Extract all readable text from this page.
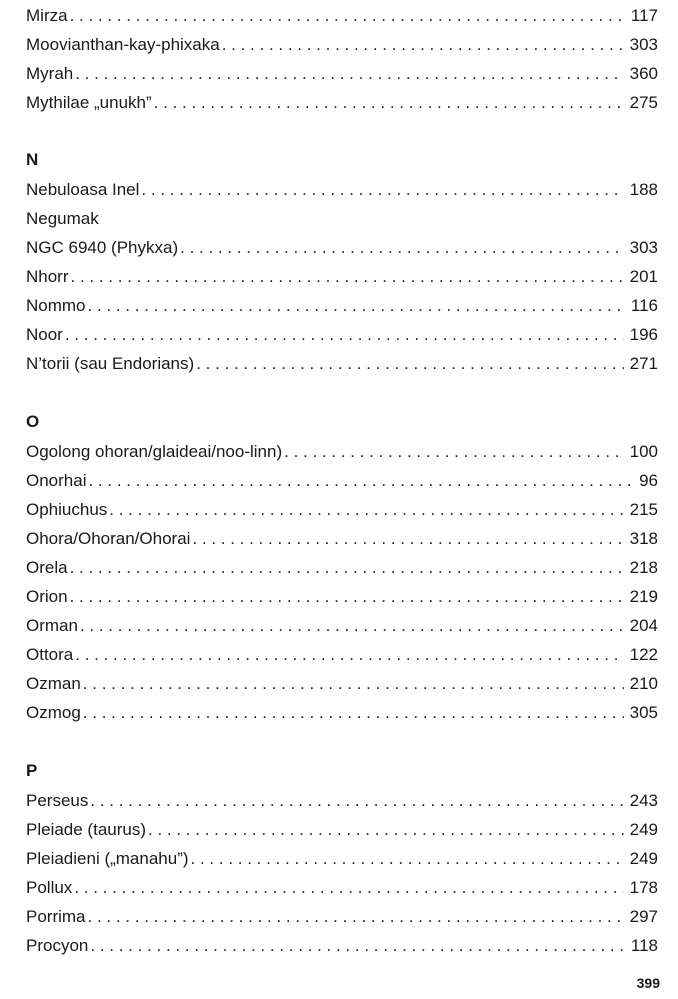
Mirza . . .	117
Moovianthan-kay-phixaka . . .	303
Myrah . . .	360
Mythilae „unukh” . . .	275
N
Nebuloasa Inel . . .	188
Negumak
NGC 6940 (Phykxa) . . .	303
Nhorr . . .	201
Nommo . . .	116
Noor . . .	196
N’torii (sau Endorians) . . .	271
O
Ogolong ohoran/glaideai/noo-linn) . . .	100
Onorhai . . .	96
Ophiuchus . . .	215
Ohora/Ohoran/Ohorai . . .	318
Orela . . .	218
Orion . . .	219
Orman . . .	204
Ottora . . .	122
Ozman . . .	210
Ozmog . . .	305
P
Perseus . . .	243
Pleiade (taurus) . . .	249
Pleiadieni („manahu”) . . .	249
Pollux . . .	178
Porrima . . .	297
Procyon . . .	118
399
